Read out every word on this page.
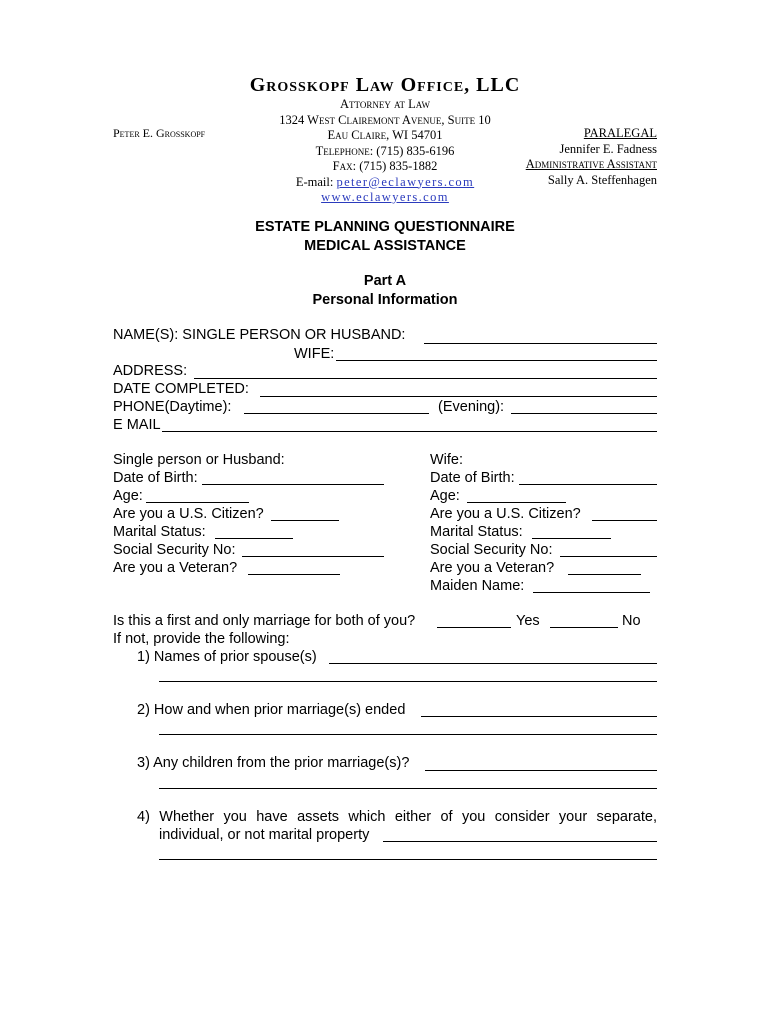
Grosskopf Law Office, LLC
Attorney at Law
1324 West Clairemont Avenue, Suite 10
Eau Claire, WI 54701
Telephone: (715) 835-6196
Fax: (715) 835-1882
E-mail: peter@eclawyers.com
www.eclawyers.com
Peter E. Grosskopf	PARALEGAL
Jennifer E. Fadness
Administrative Assistant
Sally A. Steffenhagen
ESTATE PLANNING QUESTIONNAIRE
MEDICAL ASSISTANCE
Part A
Personal Information
NAME(S): SINGLE PERSON OR HUSBAND:
WIFE:
ADDRESS:
DATE COMPLETED:
PHONE(Daytime):	(Evening):
E MAIL
Single person or Husband:
Date of Birth:
Age:
Are you a U.S. Citizen?
Marital Status:
Social Security No:
Are you a Veteran?
Wife:
Date of Birth:
Age:
Are you a U.S. Citizen?
Marital Status:
Social Security No:
Are you a Veteran?
Maiden Name:
Is this a first and only marriage for both of you?	Yes	No
If not, provide the following:
1) Names of prior spouse(s)
2) How and when prior marriage(s) ended
3) Any children from the prior marriage(s)?
4) Whether you have assets which either of you consider your separate,
individual, or not marital property
